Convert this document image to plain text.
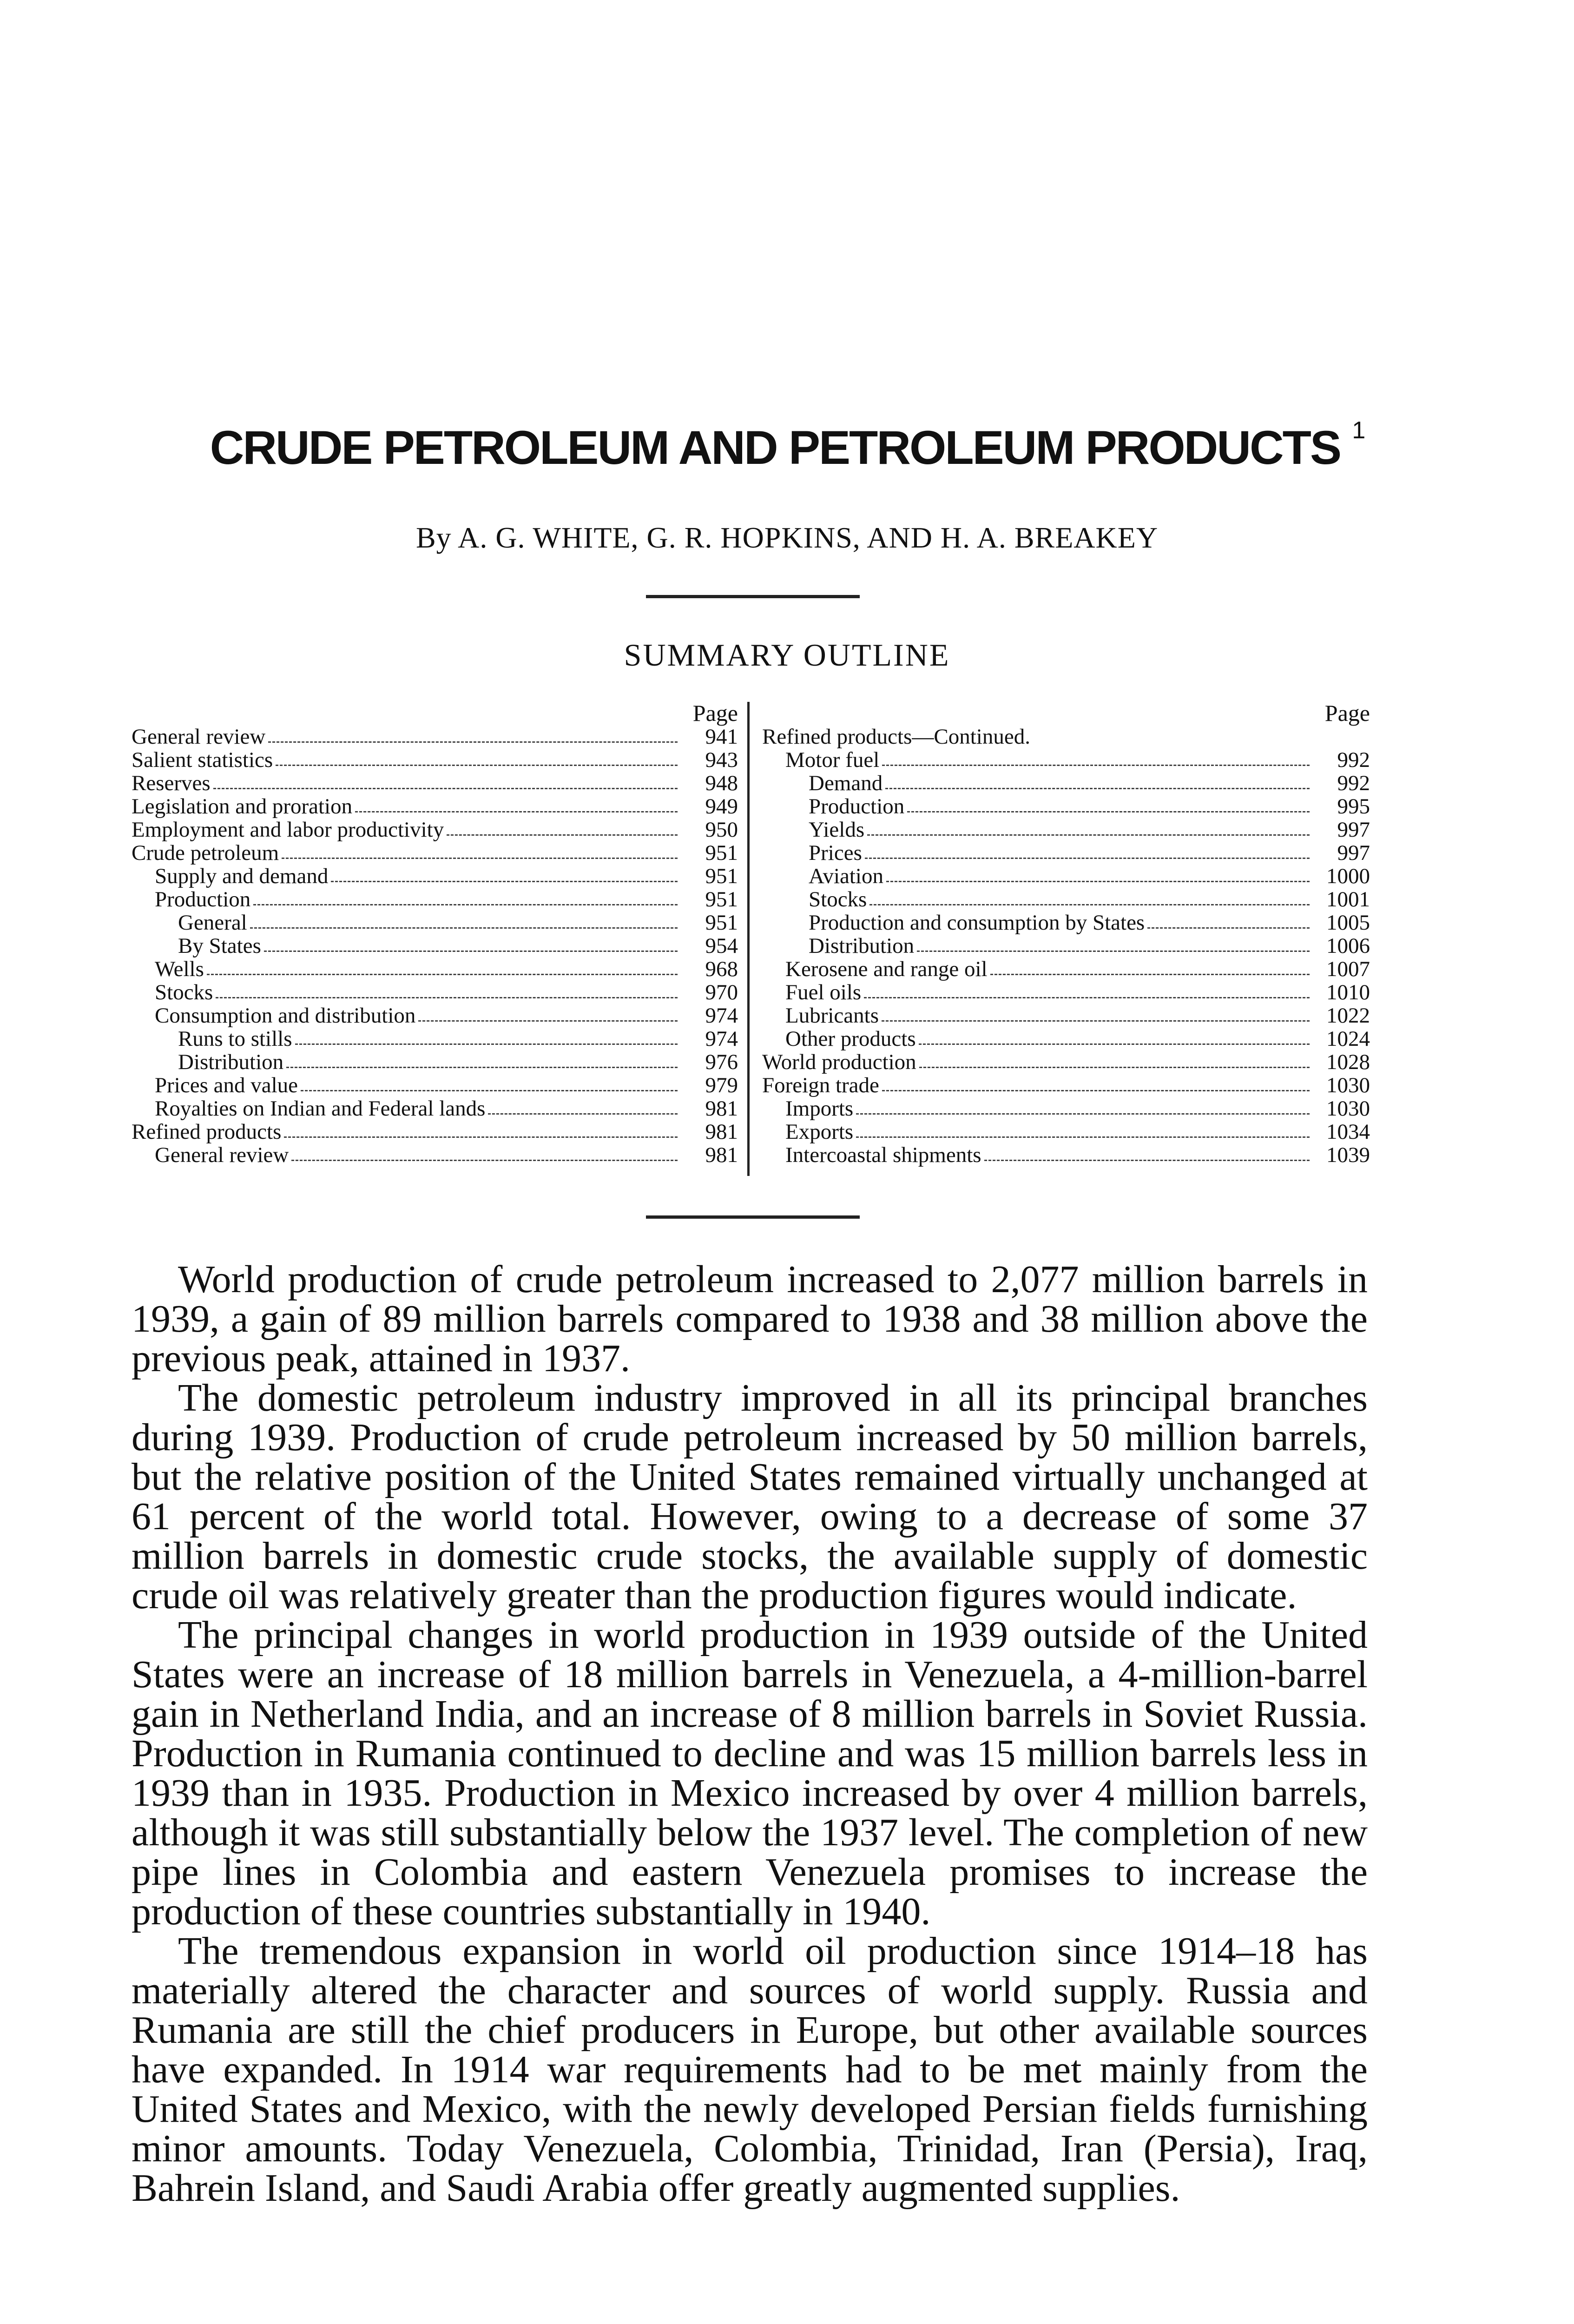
CRUDE PETROLEUM AND PETROLEUM PRODUCTS $^1$
By A. G. WHITE, G. R. HOPKINS, AND H. A. BREAKEY
SUMMARY OUTLINE
Page
General review	941
Salient statistics	943
Reserves	948
Legislation and proration	949
Employment and labor productivity	950
Crude petroleum	951
Supply and demand	951
Production	951
General	951
By States	954
Wells	968
Stocks	970
Consumption and distribution	974
Runs to stills	974
Distribution	976
Prices and value	979
Royalties on Indian and Federal lands	981
Refined products	981
General review	981
Page
Refined products—Continued.
Motor fuel	992
Demand	992
Production	995
Yields	997
Prices	997
Aviation	1000
Stocks	1001
Production and consumption by States	1005
Distribution	1006
Kerosene and range oil	1007
Fuel oils	1010
Lubricants	1022
Other products	1024
World production	1028
Foreign trade	1030
Imports	1030
Exports	1034
Intercoastal shipments	1039

World production of crude petroleum increased to 2,077 million barrels in 1939, a gain of 89 million barrels compared to 1938 and 38 million above the previous peak, attained in 1937.

The domestic petroleum industry improved in all its principal branches during 1939. Production of crude petroleum increased by 50 million barrels, but the relative position of the United States remained virtually unchanged at 61 percent of the world total. However, owing to a decrease of some 37 million barrels in domestic crude stocks, the available supply of domestic crude oil was relatively greater than the production figures would indicate.

The principal changes in world production in 1939 outside of the United States were an increase of 18 million barrels in Venezuela, a 4-million-barrel gain in Netherland India, and an increase of 8 million barrels in Soviet Russia. Production in Rumania continued to decline and was 15 million barrels less in 1939 than in 1935. Production in Mexico increased by over 4 million barrels, although it was still substantially below the 1937 level. The completion of new pipe lines in Colombia and eastern Venezuela promises to increase the production of these countries substantially in 1940.

The tremendous expansion in world oil production since 1914–18 has materially altered the character and sources of world supply. Russia and Rumania are still the chief producers in Europe, but other available sources have expanded. In 1914 war requirements had to be met mainly from the United States and Mexico, with the newly developed Persian fields furnishing minor amounts. Today Venezuela, Colombia, Trinidad, Iran (Persia), Iraq, Bahrein Island, and Saudi Arabia offer greatly augmented supplies.
